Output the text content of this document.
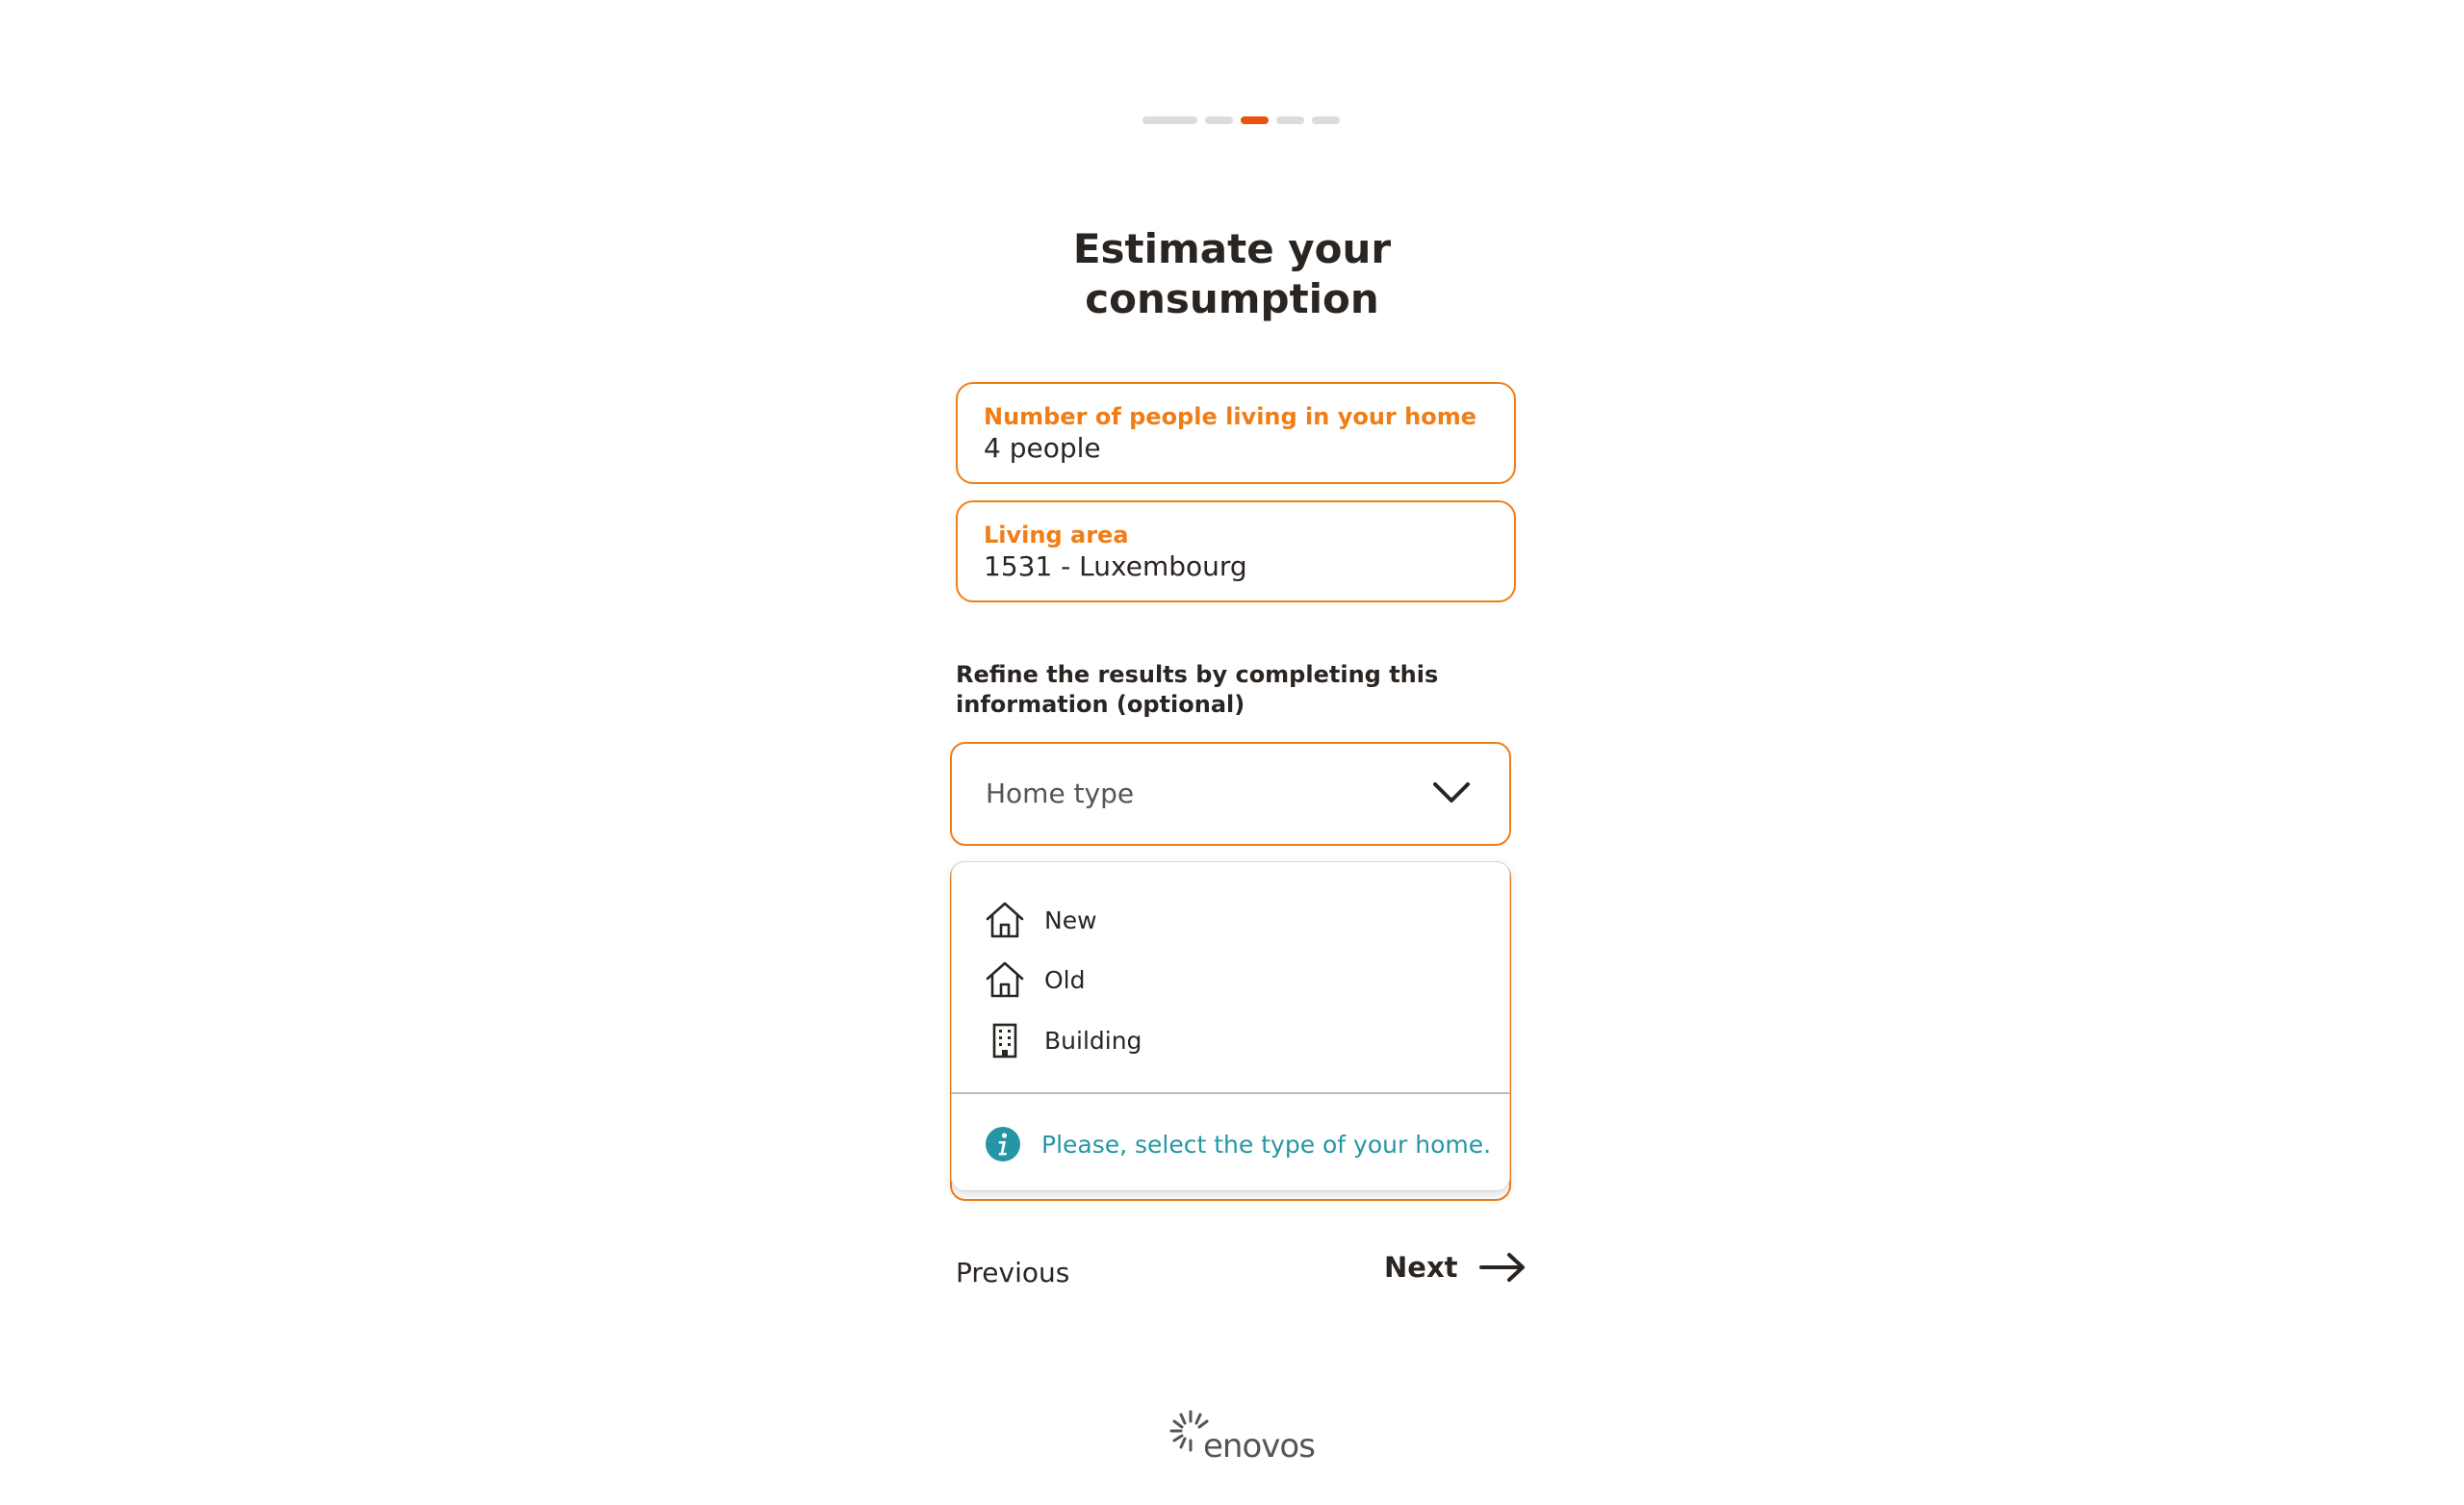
Estimate your
consumption
Number of people living in your home
4 people
Living area
1531 - Luxembourg
Refine the results by completing this information (optional)
Home type
New
Old
Building
Please, select the type of your home.
Previous	Next
enovos
